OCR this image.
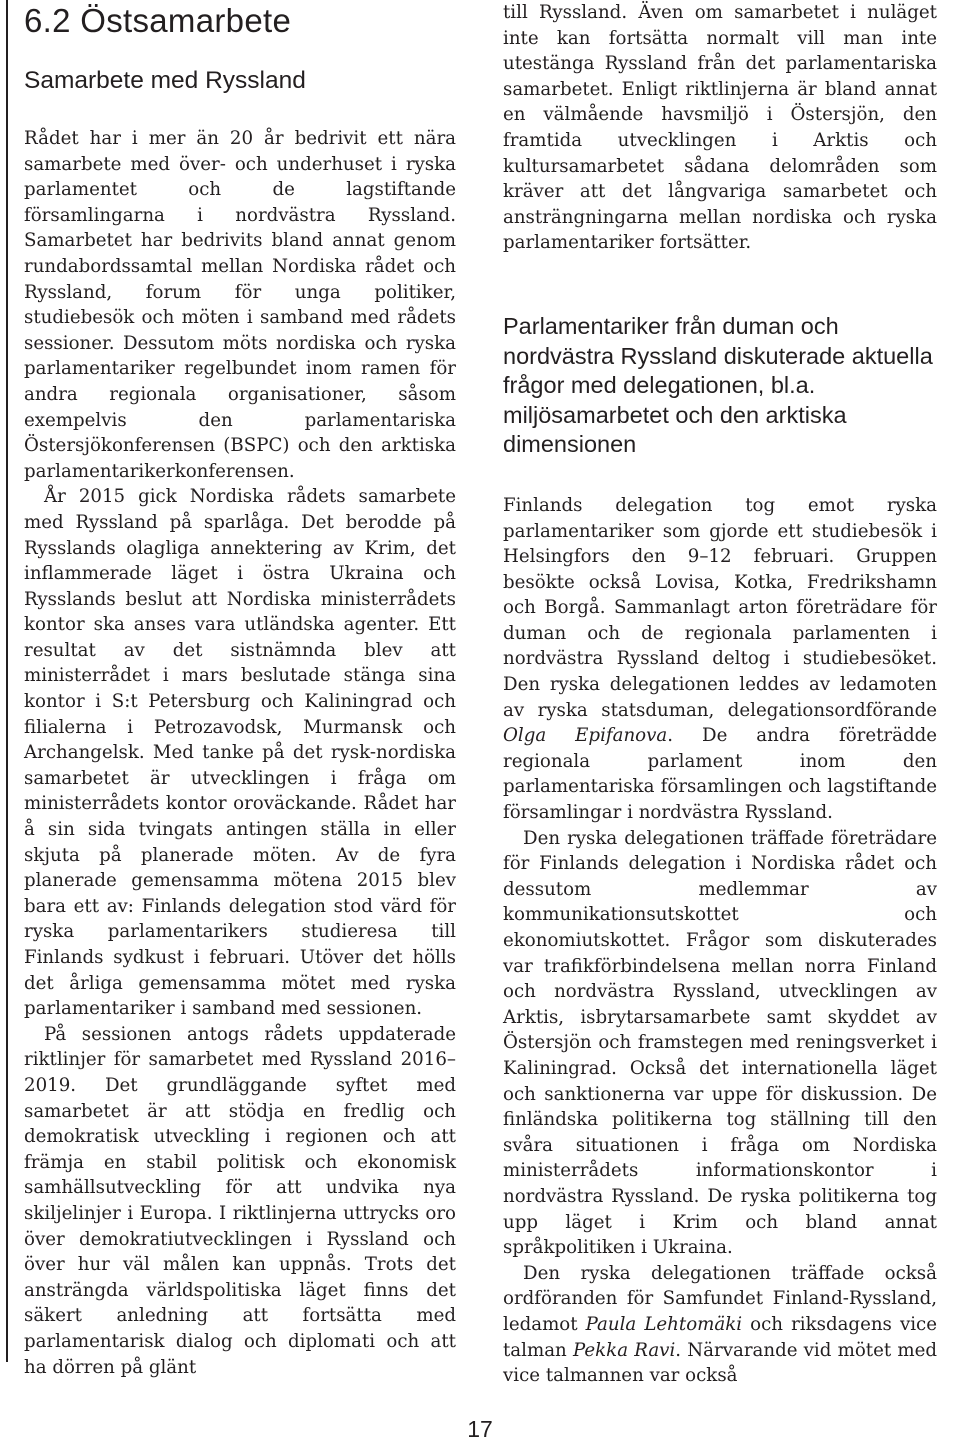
6.2 Östsamarbete
Samarbete med Ryssland

Rådet har i mer än 20 år bedrivit ett nära samarbete med över- och underhuset i ryska parlamentet och de lagstiftande församlingarna i nordvästra Ryssland. Samarbetet har bedrivits bland annat genom rundabordssamtal mellan Nordiska rådet och Ryssland, forum för unga politiker, studiebesök och möten i samband med rådets sessioner. Dessutom möts nordiska och ryska parlamentariker regelbundet inom ramen för andra regionala organisationer, såsom exempelvis den parlamentariska Östersjökonferensen (BSPC) och den arktiska parlamentarikerkonferensen.

År 2015 gick Nordiska rådets samarbete med Ryssland på sparlåga. Det berodde på Rysslands olagliga annektering av Krim, det inflammerade läget i östra Ukraina och Rysslands beslut att Nordiska ministerrådets kontor ska anses vara utländska agenter. Ett resultat av det sistnämnda blev att ministerrådet i mars beslutade stänga sina kontor i S:t Petersburg och Kaliningrad och filialerna i Petrozavodsk, Murmansk och Archangelsk. Med tanke på det rysk-nordiska samarbetet är utvecklingen i fråga om ministerrådets kontor oroväckande. Rådet har å sin sida tvingats antingen ställa in eller skjuta på planerade möten. Av de fyra planerade gemensamma mötena 2015 blev bara ett av: Finlands delegation stod värd för ryska parlamentarikers studieresa till Finlands sydkust i februari. Utöver det hölls det årliga gemensamma mötet med ryska parlamentariker i samband med sessionen.

På sessionen antogs rådets uppdaterade riktlinjer för samarbetet med Ryssland 2016–2019. Det grundläggande syftet med samarbetet är att stödja en fredlig och demokratisk utveckling i regionen och att främja en stabil politisk och ekonomisk samhällsutveckling för att undvika nya skiljelinjer i Europa. I riktlinjerna uttrycks oro över demokratiutvecklingen i Ryssland och över hur väl målen kan uppnås. Trots det ansträngda världspolitiska läget finns det säkert anledning att fortsätta med parlamentarisk dialog och diplomati och att ha dörren på glänt

till Ryssland. Även om samarbetet i nuläget inte kan fortsätta normalt vill man inte utestänga Ryssland från det parlamentariska samarbetet. Enligt riktlinjerna är bland annat en välmående havsmiljö i Östersjön, den framtida utvecklingen i Arktis och kultursamarbetet sådana delområden som kräver att det långvariga samarbetet och ansträngningarna mellan nordiska och ryska parlamentariker fortsätter.

Parlamentariker från duman och nordvästra Ryssland diskuterade aktuella frågor med delegationen, bl.a. miljösamarbetet och den arktiska dimensionen

Finlands delegation tog emot ryska parlamentariker som gjorde ett studiebesök i Helsingfors den 9–12 februari. Gruppen besökte också Lovisa, Kotka, Fredrikshamn och Borgå. Sammanlagt arton företrädare för duman och de regionala parlamenten i nordvästra Ryssland deltog i studiebesöket. Den ryska delegationen leddes av ledamoten av ryska statsduman, delegationsordförande Olga Epifanova. De andra företrädde regionala parlament inom den parlamentariska församlingen och lagstiftande församlingar i nordvästra Ryssland.

Den ryska delegationen träffade företrädare för Finlands delegation i Nordiska rådet och dessutom medlemmar av kommunikationsutskottet och ekonomiutskottet. Frågor som diskuterades var trafikförbindelsena mellan norra Finland och nordvästra Ryssland, utvecklingen av Arktis, isbrytarsamarbete samt skyddet av Östersjön och framstegen med reningsverket i Kaliningrad. Också det internationella läget och sanktionerna var uppe för diskussion. De finländska politikerna tog ställning till den svåra situationen i fråga om Nordiska ministerrådets informationskontor i nordvästra Ryssland. De ryska politikerna tog upp läget i Krim och bland annat språkpolitiken i Ukraina.

Den ryska delegationen träffade också ordföranden för Samfundet Finland-Ryssland, ledamot Paula Lehtomäki och riksdagens vice talman Pekka Ravi. Närvarande vid mötet med vice talmannen var också

17
